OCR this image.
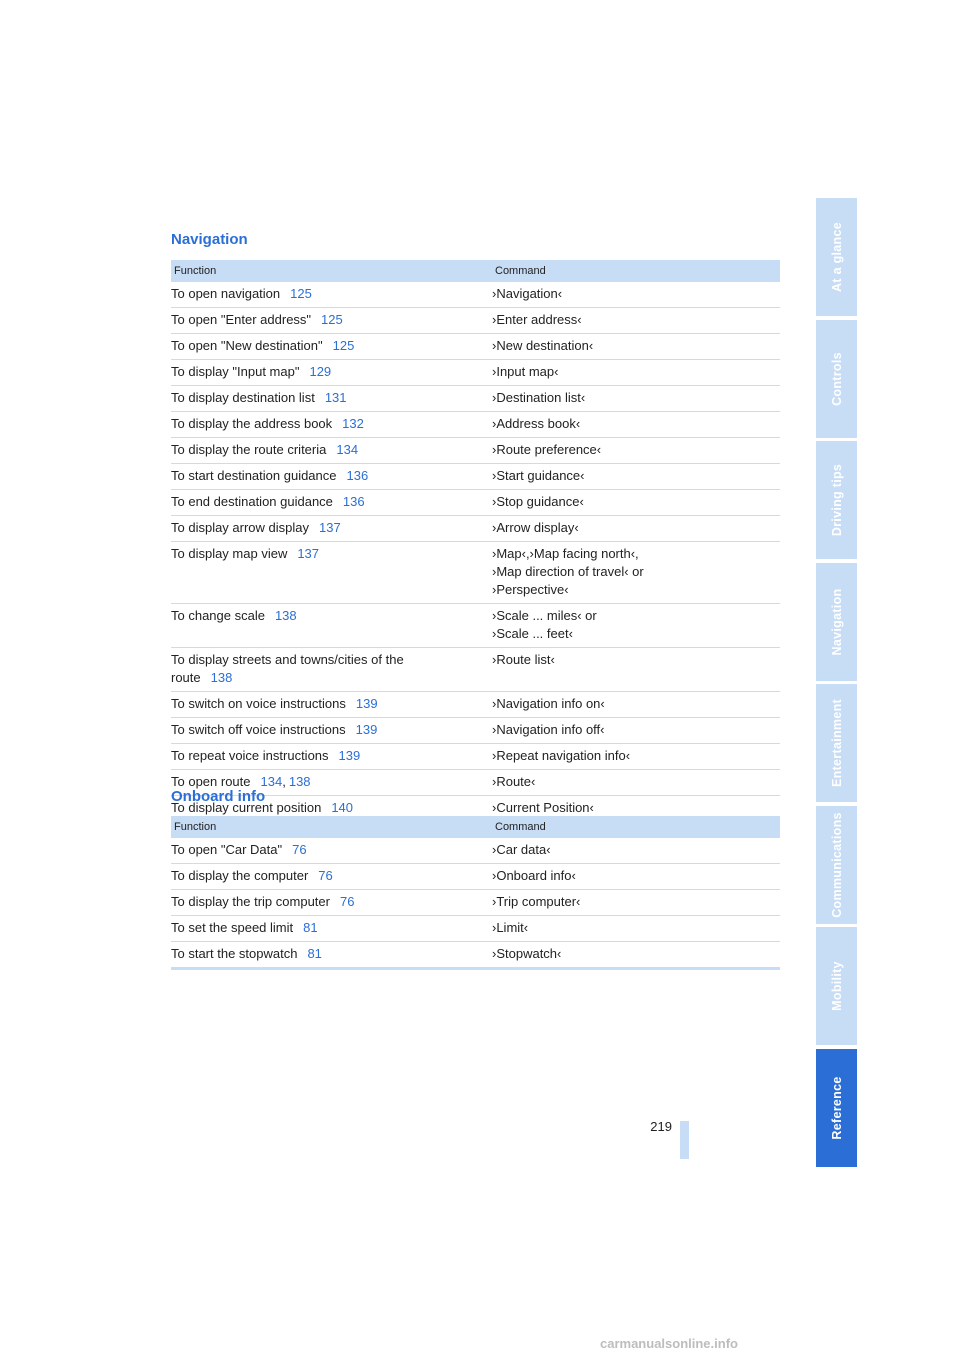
Navigation
Function	Command
To open navigation 125	›Navigation‹

To open "Enter address" 125	›Enter address‹

To open "New destination" 125	›New destination‹

To display "Input map" 129	›Input map‹

To display destination list 131	›Destination list‹

To display the address book 132	›Address book‹

To display the route criteria 134	›Route preference‹

To start destination guidance 136	›Start guidance‹

To end destination guidance 136	›Stop guidance‹

To display arrow display 137	›Arrow display‹

To display map view 137	›Map‹,›Map facing north‹,
›Map direction of travel‹ or
›Perspective‹

To change scale 138	›Scale ... miles‹ or
›Scale ... feet‹

To display streets and towns/cities of the route 138	›Route list‹

To switch on voice instructions 139	›Navigation info on‹

To switch off voice instructions 139	›Navigation info off‹

To repeat voice instructions 139	›Repeat navigation info‹

To open route 134, 138	›Route‹

To display current position 140	›Current Position‹
Onboard info
Function	Command
To open "Car Data" 76	›Car data‹

To display the computer 76	›Onboard info‹

To display the trip computer 76	›Trip computer‹

To set the speed limit 81	›Limit‹

To start the stopwatch 81	›Stopwatch‹
At a glance
Controls
Driving tips
Navigation
Entertainment
Communications
Mobility
Reference
219
carmanualsonline.info
